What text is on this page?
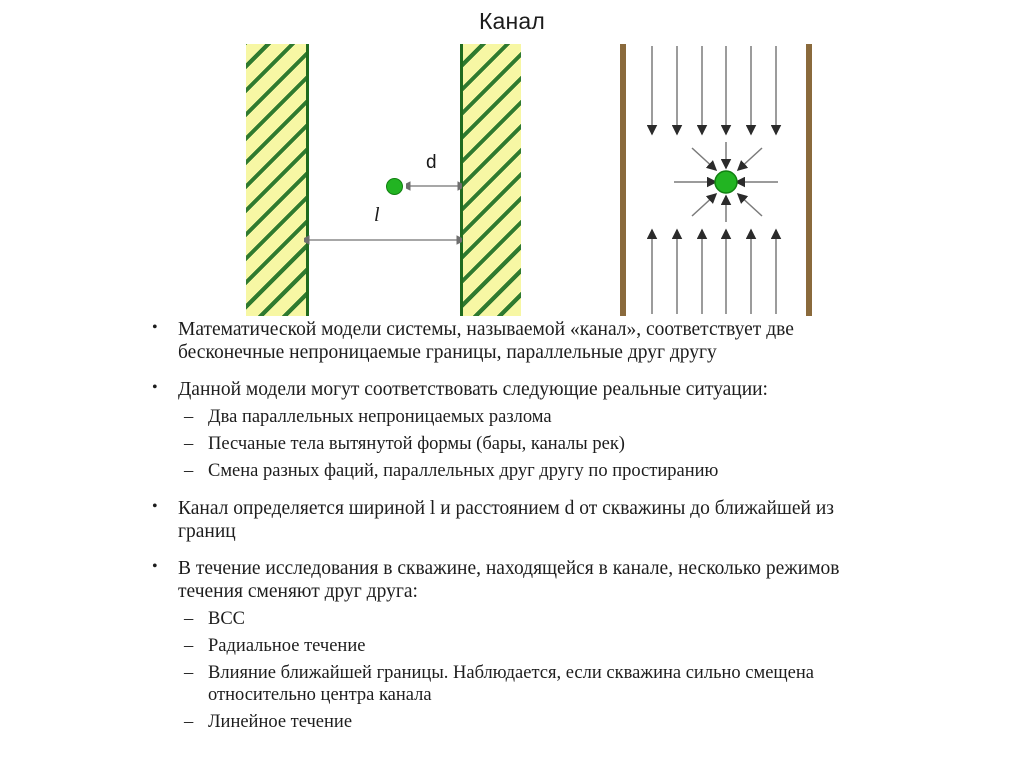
Канал
d
l
• Математической модели системы, называемой «канал», соответствует две бесконечные непроницаемые границы, параллельные друг другу
• Данной модели могут соответствовать следующие реальные ситуации:
– Два параллельных непроницаемых разлома
– Песчаные тела вытянутой формы (бары, каналы рек)
– Смена разных фаций, параллельных друг другу по простиранию
• Канал определяется шириной l и расстоянием d от скважины до ближайшей из границ
• В течение исследования в скважине, находящейся в канале, несколько режимов течения сменяют друг друга:
– BCC
– Радиальное течение
– Влияние ближайшей границы. Наблюдается, если скважина сильно смещена относительно центра канала
– Линейное течение
